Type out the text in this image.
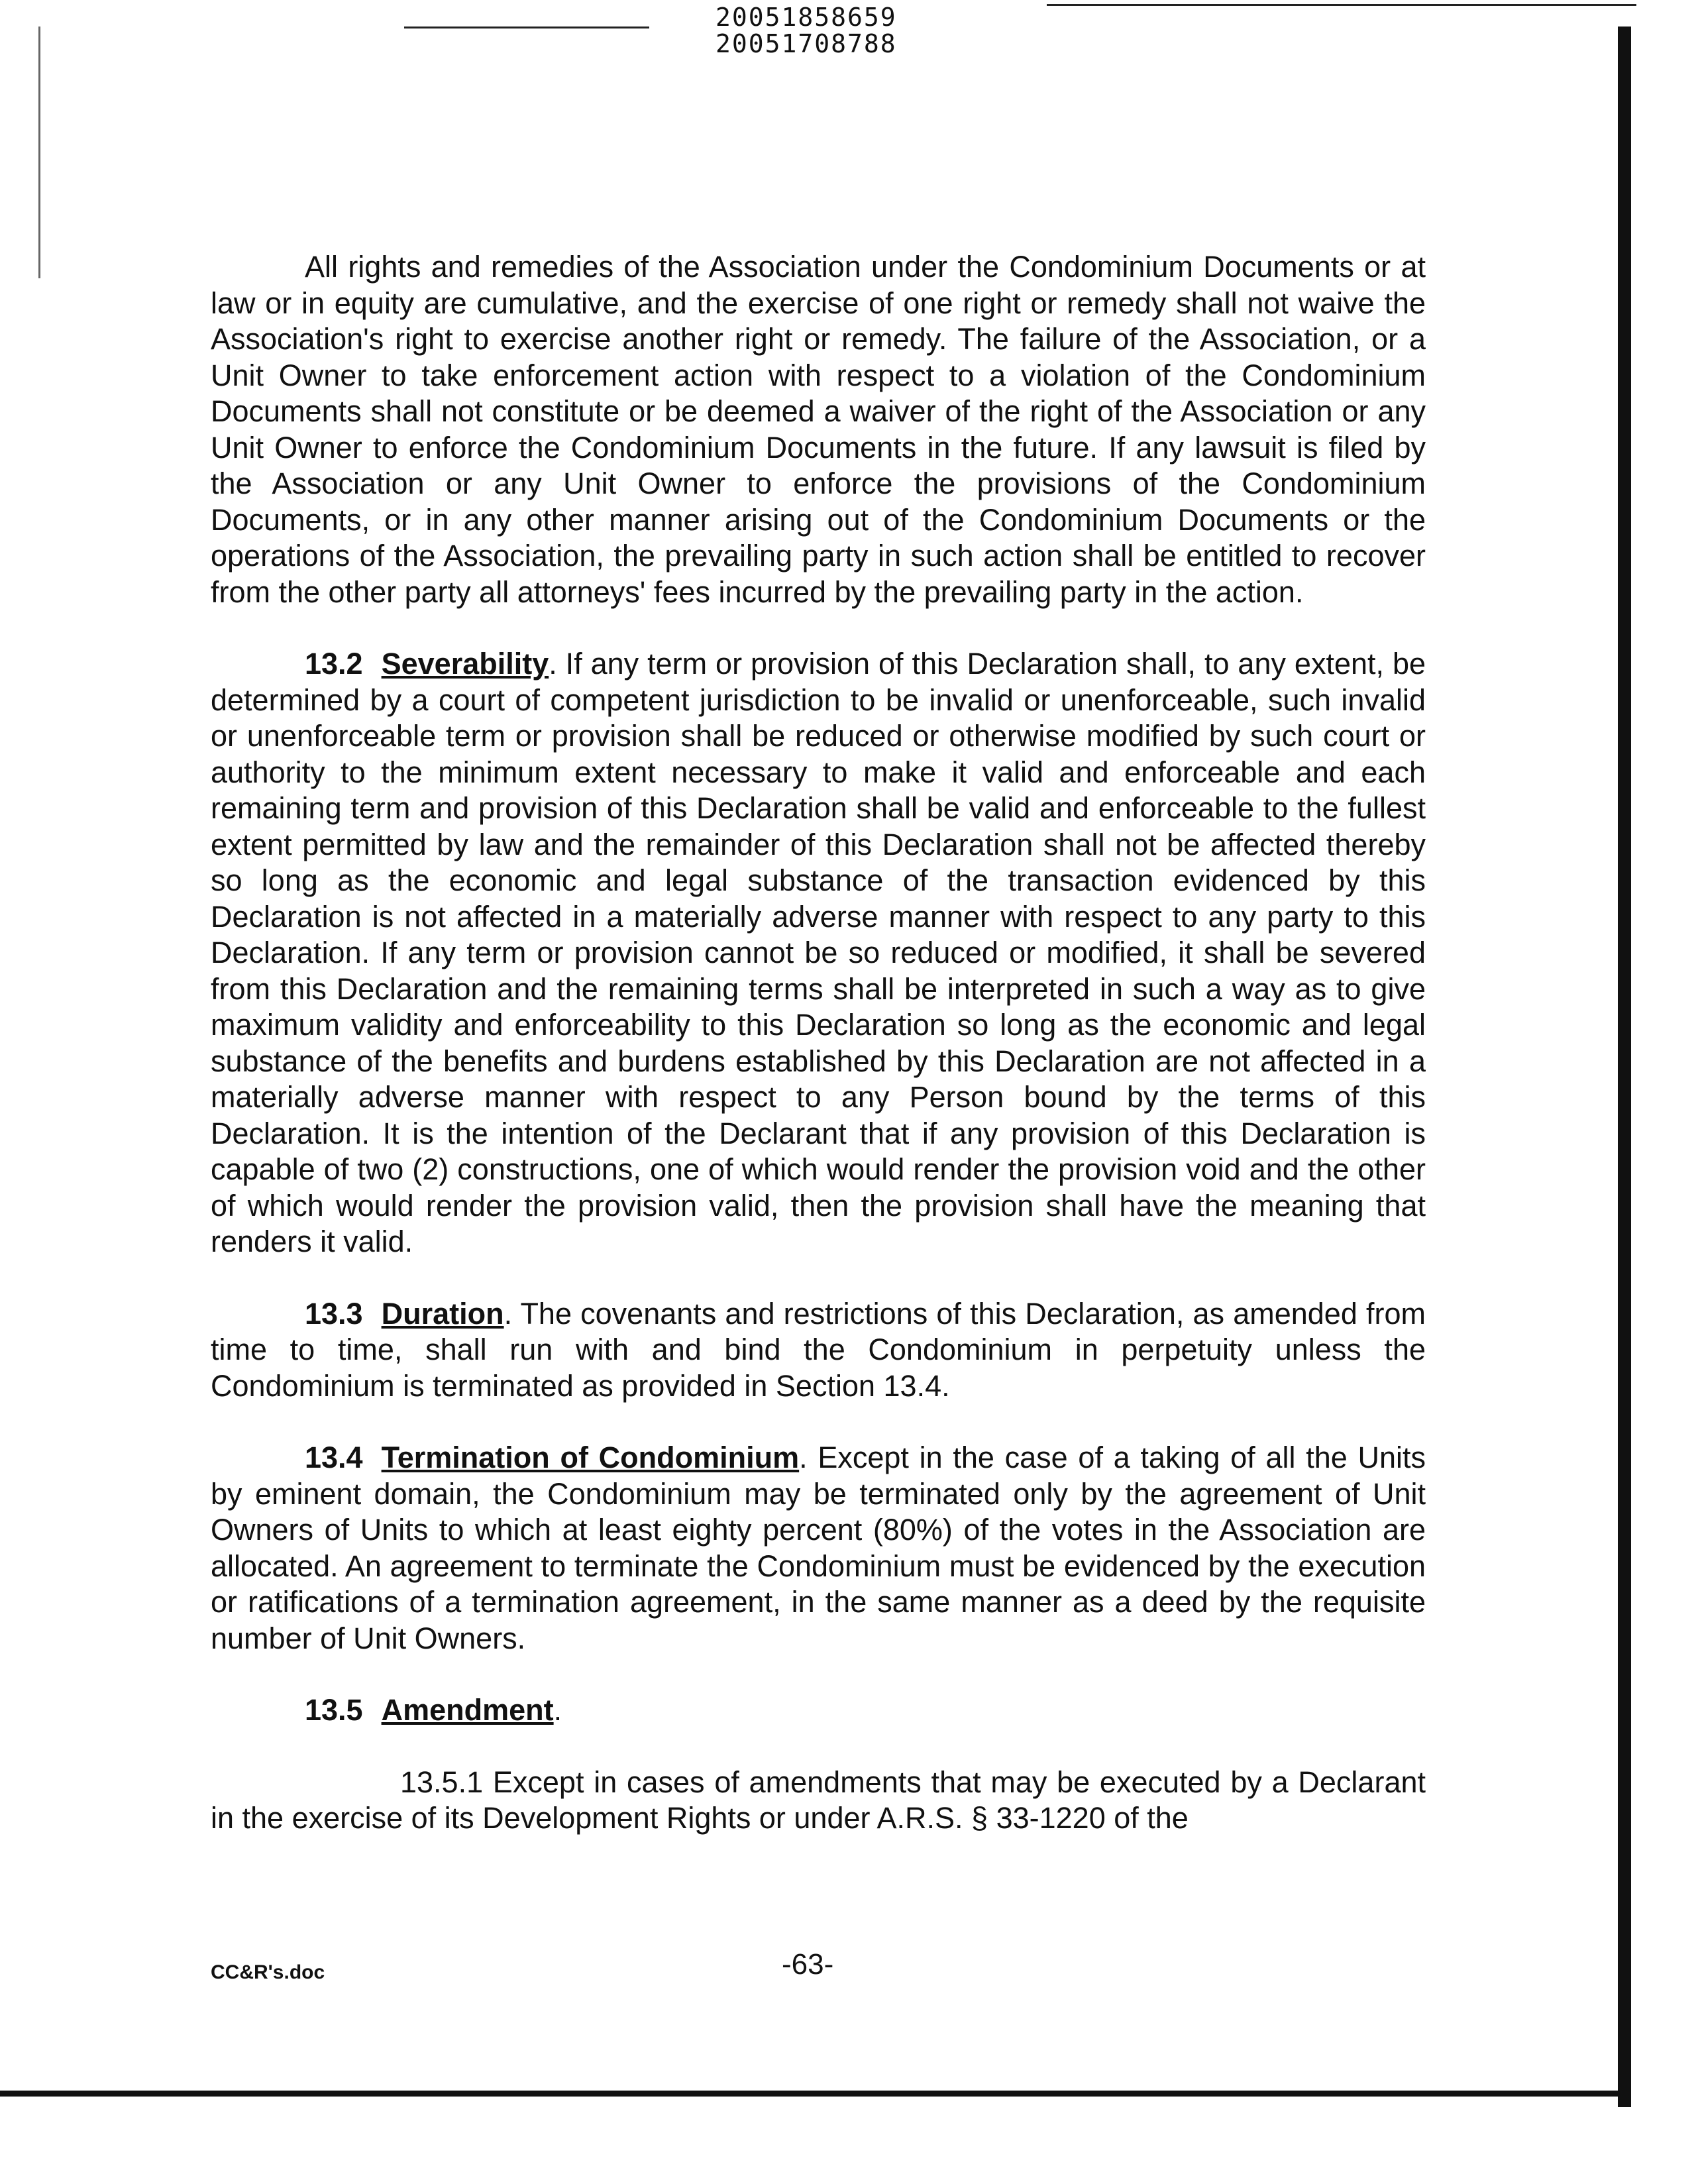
20051858659
20051708788

All rights and remedies of the Association under the Condominium Documents or at law or in equity are cumulative, and the exercise of one right or remedy shall not waive the Association's right to exercise another right or remedy. The failure of the Association, or a Unit Owner to take enforcement action with respect to a violation of the Condominium Documents shall not constitute or be deemed a waiver of the right of the Association or any Unit Owner to enforce the Condominium Documents in the future. If any lawsuit is filed by the Association or any Unit Owner to enforce the provisions of the Condominium Documents, or in any other manner arising out of the Condominium Documents or the operations of the Association, the prevailing party in such action shall be entitled to recover from the other party all attorneys' fees incurred by the prevailing party in the action.

13.2 Severability. If any term or provision of this Declaration shall, to any extent, be determined by a court of competent jurisdiction to be invalid or unenforceable, such invalid or unenforceable term or provision shall be reduced or otherwise modified by such court or authority to the minimum extent necessary to make it valid and enforceable and each remaining term and provision of this Declaration shall be valid and enforceable to the fullest extent permitted by law and the remainder of this Declaration shall not be affected thereby so long as the economic and legal substance of the transaction evidenced by this Declaration is not affected in a materially adverse manner with respect to any party to this Declaration. If any term or provision cannot be so reduced or modified, it shall be severed from this Declaration and the remaining terms shall be interpreted in such a way as to give maximum validity and enforceability to this Declaration so long as the economic and legal substance of the benefits and burdens established by this Declaration are not affected in a materially adverse manner with respect to any Person bound by the terms of this Declaration. It is the intention of the Declarant that if any provision of this Declaration is capable of two (2) constructions, one of which would render the provision void and the other of which would render the provision valid, then the provision shall have the meaning that renders it valid.

13.3 Duration. The covenants and restrictions of this Declaration, as amended from time to time, shall run with and bind the Condominium in perpetuity unless the Condominium is terminated as provided in Section 13.4.

13.4 Termination of Condominium. Except in the case of a taking of all the Units by eminent domain, the Condominium may be terminated only by the agreement of Unit Owners of Units to which at least eighty percent (80%) of the votes in the Association are allocated. An agreement to terminate the Condominium must be evidenced by the execution or ratifications of a termination agreement, in the same manner as a deed by the requisite number of Unit Owners.

13.5 Amendment.

13.5.1 Except in cases of amendments that may be executed by a Declarant in the exercise of its Development Rights or under A.R.S. § 33-1220 of the

CC&R's.doc	-63-
